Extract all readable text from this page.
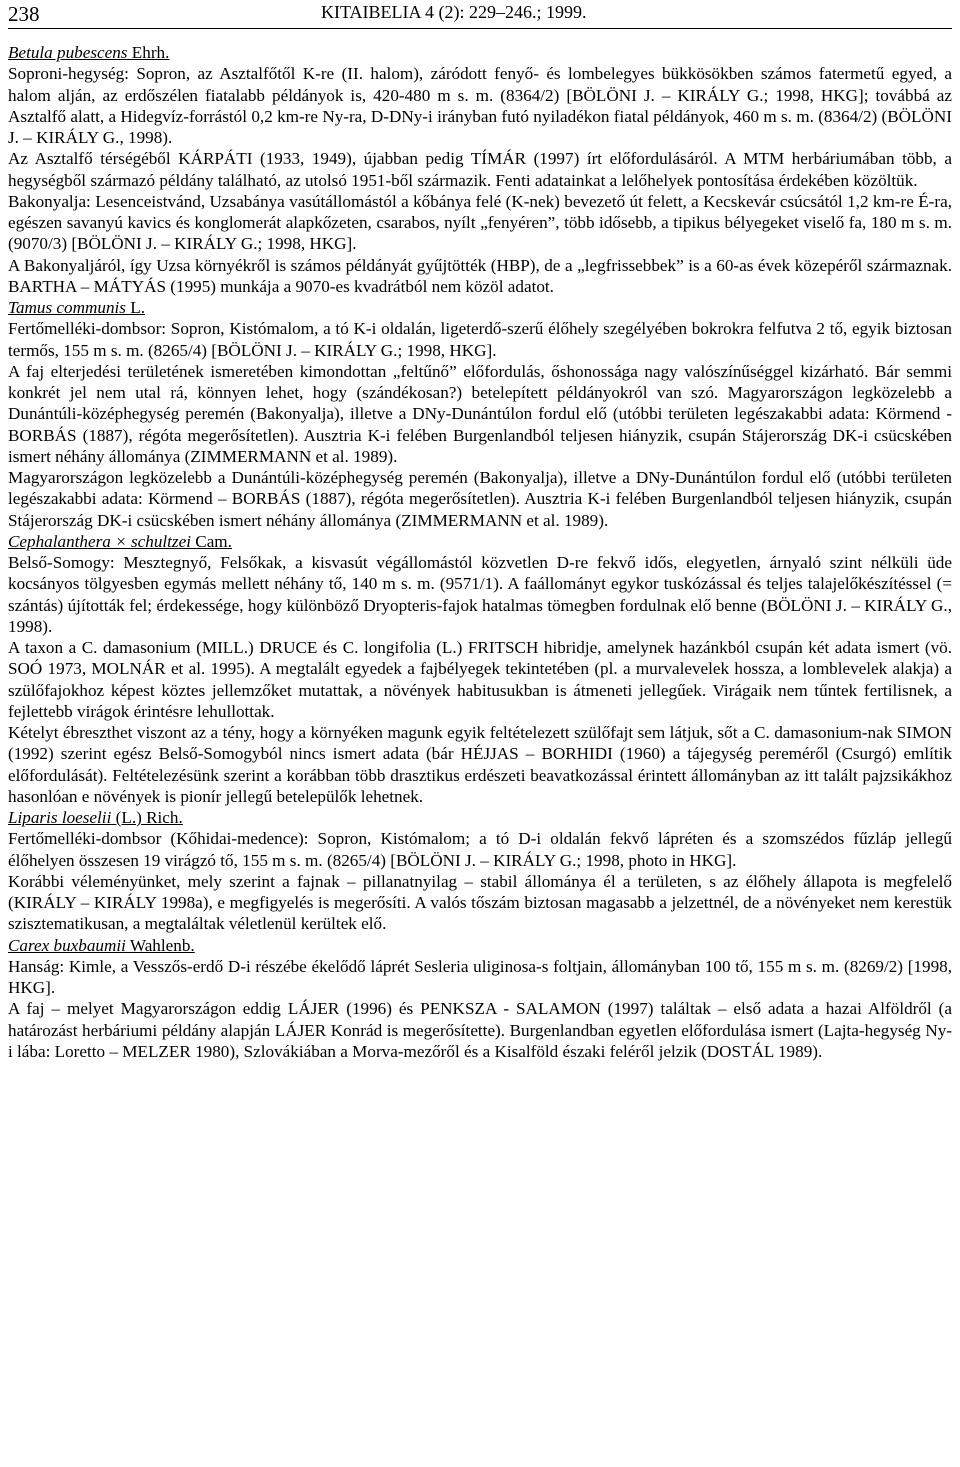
238	KITAIBELIA 4 (2): 229–246.; 1999.
Betula pubescens Ehrh.

Soproni-hegység: Sopron, az Asztalfőtől K-re (II. halom), záródott fenyő- és lombelegyes bükkösökben számos fatermetű egyed, a halom alján, az erdőszélen fiatalabb példányok is, 420-480 m s. m. (8364/2) [BÖLÖNI J. – KIRÁLY G.; 1998, HKG]; továbbá az Asztalfő alatt, a Hidegvíz-forrástól 0,2 km-re Ny-ra, D-DNy-i irányban futó nyiladékon fiatal példányok, 460 m s. m. (8364/2) (BÖLÖNI J. – KIRÁLY G., 1998).

Az Asztalfő térségéből KÁRPÁTI (1933, 1949), újabban pedig TÍMÁR (1997) írt előfordulásáról. A MTM herbáriumában több, a hegységből származó példány található, az utolsó 1951-ből származik. Fenti adatainkat a lelőhelyek pontosítása érdekében közöltük.

Bakonyalja: Lesenceistvánd, Uzsabánya vasútállomástól a kőbánya felé (K-nek) bevezető út felett, a Kecskevár csúcsától 1,2 km-re É-ra, egészen savanyú kavics és konglomerát alapkőzeten, csarabos, nyílt „fenyéren”, több idősebb, a tipikus bélyegeket viselő fa, 180 m s. m. (9070/3) [BÖLÖNI J. – KIRÁLY G.; 1998, HKG].

A Bakonyaljáról, így Uzsa környékről is számos példányát gyűjtötték (HBP), de a „legfrissebbek” is a 60-as évek közepéről származnak. BARTHA – MÁTYÁS (1995) munkája a 9070-es kvadrátból nem közöl adatot.

Tamus communis L.

Fertőmelléki-dombsor: Sopron, Kistómalom, a tó K-i oldalán, ligeterdő-szerű élőhely szegélyében bokrokra felfutva 2 tő, egyik biztosan termős, 155 m s. m. (8265/4) [BÖLÖNI J. – KIRÁLY G.; 1998, HKG].

A faj elterjedési területének ismeretében kimondottan „feltűnő” előfordulás, őshonossága nagy valószínűséggel kizárható. Bár semmi konkrét jel nem utal rá, könnyen lehet, hogy (szándékosan?) betelepített példányokról van szó. Magyarországon legközelebb a Dunántúli-középhegység peremén (Bakonyalja), illetve a DNy-Dunántúlon fordul elő (utóbbi területen legészakabbi adata: Körmend - BORBÁS (1887), régóta megerősítetlen). Ausztria K-i felében Burgenlandból teljesen hiányzik, csupán Stájerország DK-i csücskében ismert néhány állománya (ZIMMERMANN et al. 1989).

Magyarországon legközelebb a Dunántúli-középhegység peremén (Bakonyalja), illetve a DNy-Dunántúlon fordul elő (utóbbi területen legészakabbi adata: Körmend – BORBÁS (1887), régóta megerősítetlen). Ausztria K-i felében Burgenlandból teljesen hiányzik, csupán Stájerország DK-i csücskében ismert néhány állománya (ZIMMERMANN et al. 1989).

Cephalanthera × schultzei Cam.

Belső-Somogy: Mesztegnyő, Felsőkak, a kisvasút végállomástól közvetlen D-re fekvő idős, elegyetlen, árnyaló szint nélküli üde kocsányos tölgyesben egymás mellett néhány tő, 140 m s. m. (9571/1). A faállományt egykor tuskózással és teljes talajelőkészítéssel (= szántás) újították fel; érdekessége, hogy különböző Dryopteris-fajok hatalmas tömegben fordulnak elő benne (BÖLÖNI J. – KIRÁLY G., 1998).

A taxon a C. damasonium (MILL.) DRUCE és C. longifolia (L.) FRITSCH hibridje, amelynek hazánkból csupán két adata ismert (vö. SOÓ 1973, MOLNÁR et al. 1995). A megtalált egyedek a fajbélyegek tekintetében (pl. a murvalevelek hossza, a lomblevelek alakja) a szülőfajokhoz képest köztes jellemzőket mutattak, a növények habitusukban is átmeneti jellegűek. Virágaik nem tűntek fertilisnek, a fejlettebb virágok érintésre lehullottak.

Kételyt ébreszthet viszont az a tény, hogy a környéken magunk egyik feltételezett szülőfajt sem látjuk, sőt a C. damasonium-nak SIMON (1992) szerint egész Belső-Somogyból nincs ismert adata (bár HÉJJAS – BORHIDI (1960) a tájegység pereméről (Csurgó) említik előfordulását). Feltételezésünk szerint a korábban több drasztikus erdészeti beavatkozással érintett állományban az itt talált pajzsikákhoz hasonlóan e növények is pionír jellegű betelepülők lehetnek.

Liparis loeselii (L.) Rich.

Fertőmelléki-dombsor (Kőhidai-medence): Sopron, Kistómalom; a tó D-i oldalán fekvő lápréten és a szomszédos fűzláp jellegű élőhelyen összesen 19 virágzó tő, 155 m s. m. (8265/4) [BÖLÖNI J. – KIRÁLY G.; 1998, photo in HKG].

Korábbi véleményünket, mely szerint a fajnak – pillanatnyilag – stabil állománya él a területen, s az élőhely állapota is megfelelő (KIRÁLY – KIRÁLY 1998a), e megfigyelés is megerősíti. A valós tőszám biztosan magasabb a jelzettnél, de a növényeket nem kerestük szisztematikusan, a megtaláltak véletlenül kerültek elő.

Carex buxbaumii Wahlenb.

Hanság: Kimle, a Vesszős-erdő D-i részébe ékelődő láprét Sesleria uliginosa-s foltjain, állományban 100 tő, 155 m s. m. (8269/2) [1998, HKG].

A faj – melyet Magyarországon eddig LÁJER (1996) és PENKSZA - SALAMON (1997) találtak – első adata a hazai Alföldről (a határozást herbáriumi példány alapján LÁJER Konrád is megerősítette). Burgenlandban egyetlen előfordulása ismert (Lajta-hegység Ny-i lába: Loretto – MELZER 1980), Szlovákiában a Morva-mezőről és a Kisalföld északi feléről jelzik (DOSTÁL 1989).
